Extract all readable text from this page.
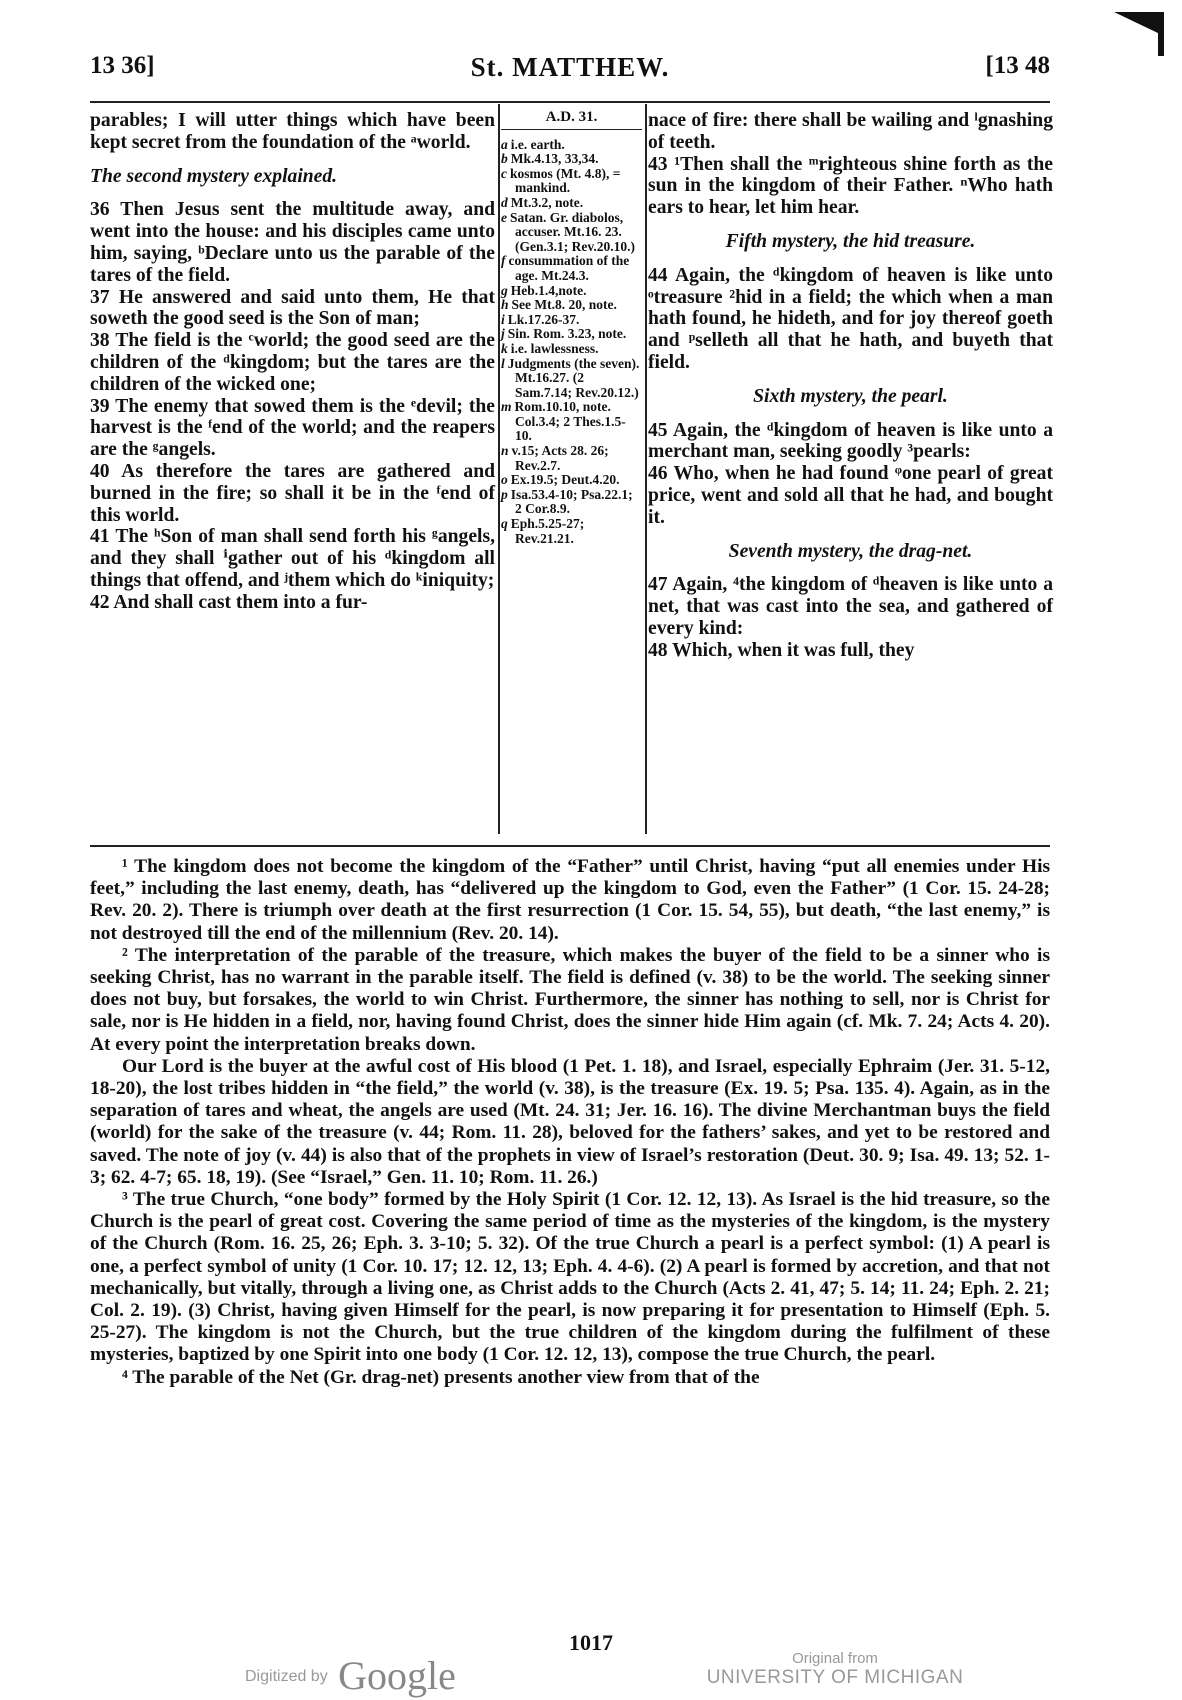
13 36]	St. MATTHEW.	[13 48

parables; I will utter things which have been kept secret from the foundation of the ᵃworld.

The second mystery explained.

36 Then Jesus sent the multitude away, and went into the house: and his disciples came unto him, saying, ᵇDeclare unto us the parable of the tares of the field.

37 He answered and said unto them, He that soweth the good seed is the Son of man;

38 The field is the ᶜworld; the good seed are the children of the ᵈkingdom; but the tares are the children of the wicked one;

39 The enemy that sowed them is the ᵉdevil; the harvest is the ᶠend of the world; and the reapers are the ᵍangels.

40 As therefore the tares are gathered and burned in the fire; so shall it be in the ᶠend of this world.

41 The ʰSon of man shall send forth his ᵍangels, and they shall ⁱgather out of his ᵈkingdom all things that offend, and ʲthem which do ᵏiniquity;

42 And shall cast them into a fur-

A.D. 31.
a i.e. earth.
b Mk.4.13, 33,34.
c kosmos (Mt. 4.8), = mankind.
d Mt.3.2, note.
e Satan. Gr. diabolos, accuser. Mt.16. 23. (Gen.3.1; Rev.20.10.)
f consummation of the age. Mt.24.3.
g Heb.1.4,note.
h See Mt.8. 20, note.
i Lk.17.26-37.
j Sin. Rom. 3.23, note.
k i.e. lawlessness.
l Judgments (the seven). Mt.16.27. (2 Sam.7.14; Rev.20.12.)
m Rom.10.10, note. Col.3.4; 2 Thes.1.5-10.
n v.15; Acts 28. 26; Rev.2.7.
o Ex.19.5; Deut.4.20.
p Isa.53.4-10; Psa.22.1; 2 Cor.8.9.
q Eph.5.25-27; Rev.21.21.

nace of fire: there shall be wailing and ˡgnashing of teeth.

43 ¹Then shall the ᵐrighteous shine forth as the sun in the kingdom of their Father. ⁿWho hath ears to hear, let him hear.

Fifth mystery, the hid treasure.

44 Again, the ᵈkingdom of heaven is like unto ᵒtreasure ²hid in a field; the which when a man hath found, he hideth, and for joy thereof goeth and ᵖselleth all that he hath, and buyeth that field.

Sixth mystery, the pearl.

45 Again, the ᵈkingdom of heaven is like unto a merchant man, seeking goodly ³pearls:

46 Who, when he had found ᵠone pearl of great price, went and sold all that he had, and bought it.

Seventh mystery, the drag-net.

47 Again, ⁴the kingdom of ᵈheaven is like unto a net, that was cast into the sea, and gathered of every kind:

48 Which, when it was full, they

¹ The kingdom does not become the kingdom of the “Father” until Christ, having “put all enemies under His feet,” including the last enemy, death, has “delivered up the kingdom to God, even the Father” (1 Cor. 15. 24-28; Rev. 20. 2). There is triumph over death at the first resurrection (1 Cor. 15. 54, 55), but death, “the last enemy,” is not destroyed till the end of the millennium (Rev. 20. 14).

² The interpretation of the parable of the treasure, which makes the buyer of the field to be a sinner who is seeking Christ, has no warrant in the parable itself. The field is defined (v. 38) to be the world. The seeking sinner does not buy, but forsakes, the world to win Christ. Furthermore, the sinner has nothing to sell, nor is Christ for sale, nor is He hidden in a field, nor, having found Christ, does the sinner hide Him again (cf. Mk. 7. 24; Acts 4. 20). At every point the interpretation breaks down.

Our Lord is the buyer at the awful cost of His blood (1 Pet. 1. 18), and Israel, especially Ephraim (Jer. 31. 5-12, 18-20), the lost tribes hidden in “the field,” the world (v. 38), is the treasure (Ex. 19. 5; Psa. 135. 4). Again, as in the separation of tares and wheat, the angels are used (Mt. 24. 31; Jer. 16. 16). The divine Merchantman buys the field (world) for the sake of the treasure (v. 44; Rom. 11. 28), beloved for the fathers’ sakes, and yet to be restored and saved. The note of joy (v. 44) is also that of the prophets in view of Israel’s restoration (Deut. 30. 9; Isa. 49. 13; 52. 1-3; 62. 4-7; 65. 18, 19). (See “Israel,” Gen. 11. 10; Rom. 11. 26.)

³ The true Church, “one body” formed by the Holy Spirit (1 Cor. 12. 12, 13). As Israel is the hid treasure, so the Church is the pearl of great cost. Covering the same period of time as the mysteries of the kingdom, is the mystery of the Church (Rom. 16. 25, 26; Eph. 3. 3-10; 5. 32). Of the true Church a pearl is a perfect symbol: (1) A pearl is one, a perfect symbol of unity (1 Cor. 10. 17; 12. 12, 13; Eph. 4. 4-6). (2) A pearl is formed by accretion, and that not mechanically, but vitally, through a living one, as Christ adds to the Church (Acts 2. 41, 47; 5. 14; 11. 24; Eph. 2. 21; Col. 2. 19). (3) Christ, having given Himself for the pearl, is now preparing it for presentation to Himself (Eph. 5. 25-27). The kingdom is not the Church, but the true children of the kingdom during the fulfilment of these mysteries, baptized by one Spirit into one body (1 Cor. 12. 12, 13), compose the true Church, the pearl.

⁴ The parable of the Net (Gr. drag-net) presents another view from that of the

1017
Digitized by Google	Original from
UNIVERSITY OF MICHIGAN
